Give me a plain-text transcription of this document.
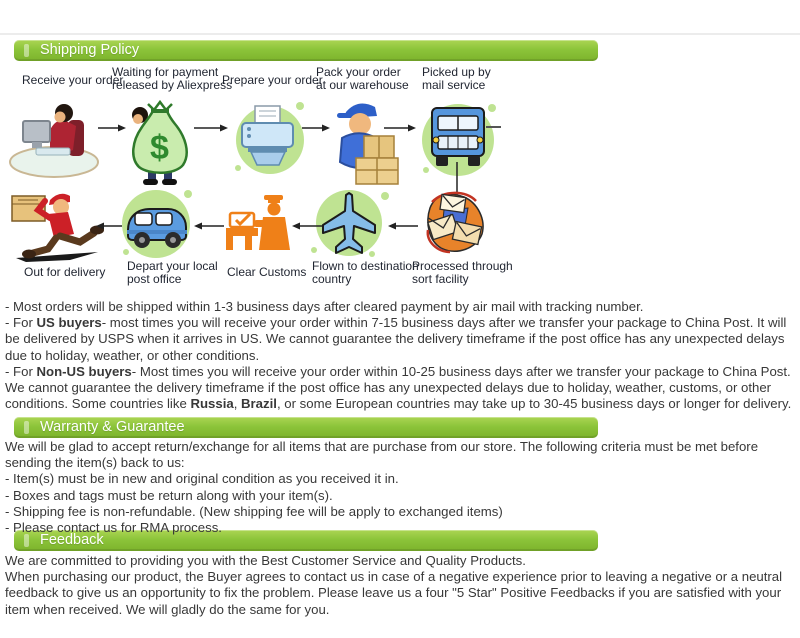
Shipping Policy
Warranty & Guarantee
Feedback
Receive your order
Waiting for payment released by Aliexpress
Prepare your order
Pack your order at our warehouse
Picked up by mail service
$
Out for delivery Depart your local post office	Clear Customs Flown to destination country
Processed through sort facility
- Most orders will be shipped within 1-3 business days after cleared payment by air mail with tracking number.
- For US buyers- most times you will receive your order within 7-15 business days after we transfer your package to China Post. It will be delivered by USPS when it arrives in US. We cannot guarantee the delivery timeframe if the post office has any unexpected delays due to holiday, weather, or other conditions.
- For Non-US buyers- Most times you will receive your order within 10-25 business days after we transfer your package to China Post. We cannot guarantee the delivery timeframe if the post office has any unexpected delays due to holiday, weather, customs, or other conditions. Some countries like Russia, Brazil, or some European countries may take up to 30-45 business days or longer for delivery.
We will be glad to accept return/exchange for all items that are purchase from our store. The following criteria must be met before sending the item(s) back to us:
- Item(s) must be in new and original condition as you received it in.
- Boxes and tags must be return along with your item(s).
- Shipping fee is non-refundable. (New shipping fee will be apply to exchanged items)
- Please contact us for RMA process.
We are committed to providing you with the Best Customer Service and Quality Products.
When purchasing our product, the Buyer agrees to contact us in case of a negative experience prior to leaving a negative or a neutral feedback to give us an opportunity to fix the problem. Please leave us a four "5 Star" Positive Feedbacks if you are satisfied with your item when received. We will gladly do the same for you.
